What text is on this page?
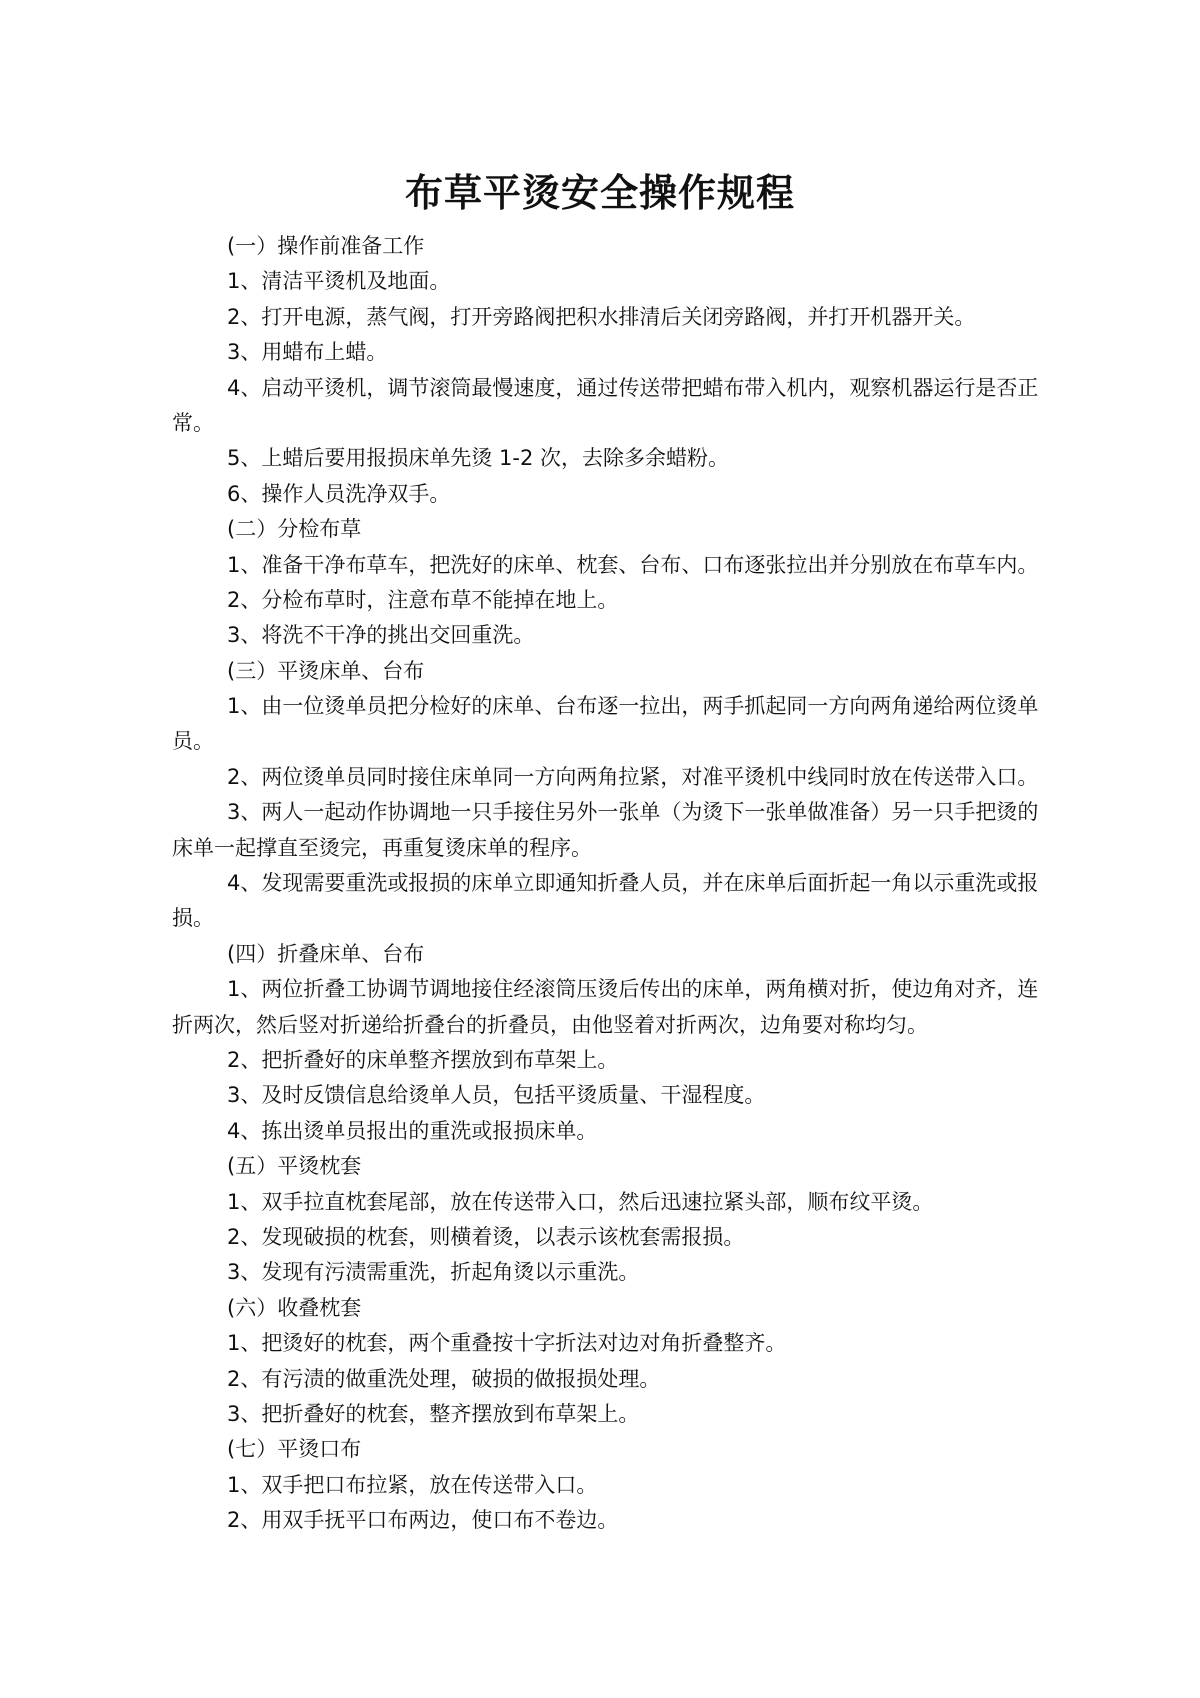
布草平烫安全操作规程
(一）操作前准备工作
1、清洁平烫机及地面。
2、打开电源，蒸气阀，打开旁路阀把积水排清后关闭旁路阀，并打开机器开关。
3、用蜡布上蜡。
4、启动平烫机，调节滚筒最慢速度，通过传送带把蜡布带入机内，观察机器运行是否正
常。
5、上蜡后要用报损床单先烫 1-2 次，去除多余蜡粉。
6、操作人员洗净双手。
(二）分检布草
1、准备干净布草车，把洗好的床单、枕套、台布、口布逐张拉出并分别放在布草车内。
2、分检布草时，注意布草不能掉在地上。
3、将洗不干净的挑出交回重洗。
(三）平烫床单、台布
1、由一位烫单员把分检好的床单、台布逐一拉出，两手抓起同一方向两角递给两位烫单
员。
2、两位烫单员同时接住床单同一方向两角拉紧，对准平烫机中线同时放在传送带入口。
3、两人一起动作协调地一只手接住另外一张单（为烫下一张单做准备）另一只手把烫的
床单一起撑直至烫完，再重复烫床单的程序。
4、发现需要重洗或报损的床单立即通知折叠人员，并在床单后面折起一角以示重洗或报
损。
(四）折叠床单、台布
1、两位折叠工协调节调地接住经滚筒压烫后传出的床单，两角横对折，使边角对齐，连
折两次，然后竖对折递给折叠台的折叠员，由他竖着对折两次，边角要对称均匀。
2、把折叠好的床单整齐摆放到布草架上。
3、及时反馈信息给烫单人员，包括平烫质量、干湿程度。
4、拣出烫单员报出的重洗或报损床单。
(五）平烫枕套
1、双手拉直枕套尾部，放在传送带入口，然后迅速拉紧头部，顺布纹平烫。
2、发现破损的枕套，则横着烫，以表示该枕套需报损。
3、发现有污渍需重洗，折起角烫以示重洗。
(六）收叠枕套
1、把烫好的枕套，两个重叠按十字折法对边对角折叠整齐。
2、有污渍的做重洗处理，破损的做报损处理。
3、把折叠好的枕套，整齐摆放到布草架上。
(七）平烫口布
1、双手把口布拉紧，放在传送带入口。
2、用双手抚平口布两边，使口布不卷边。
